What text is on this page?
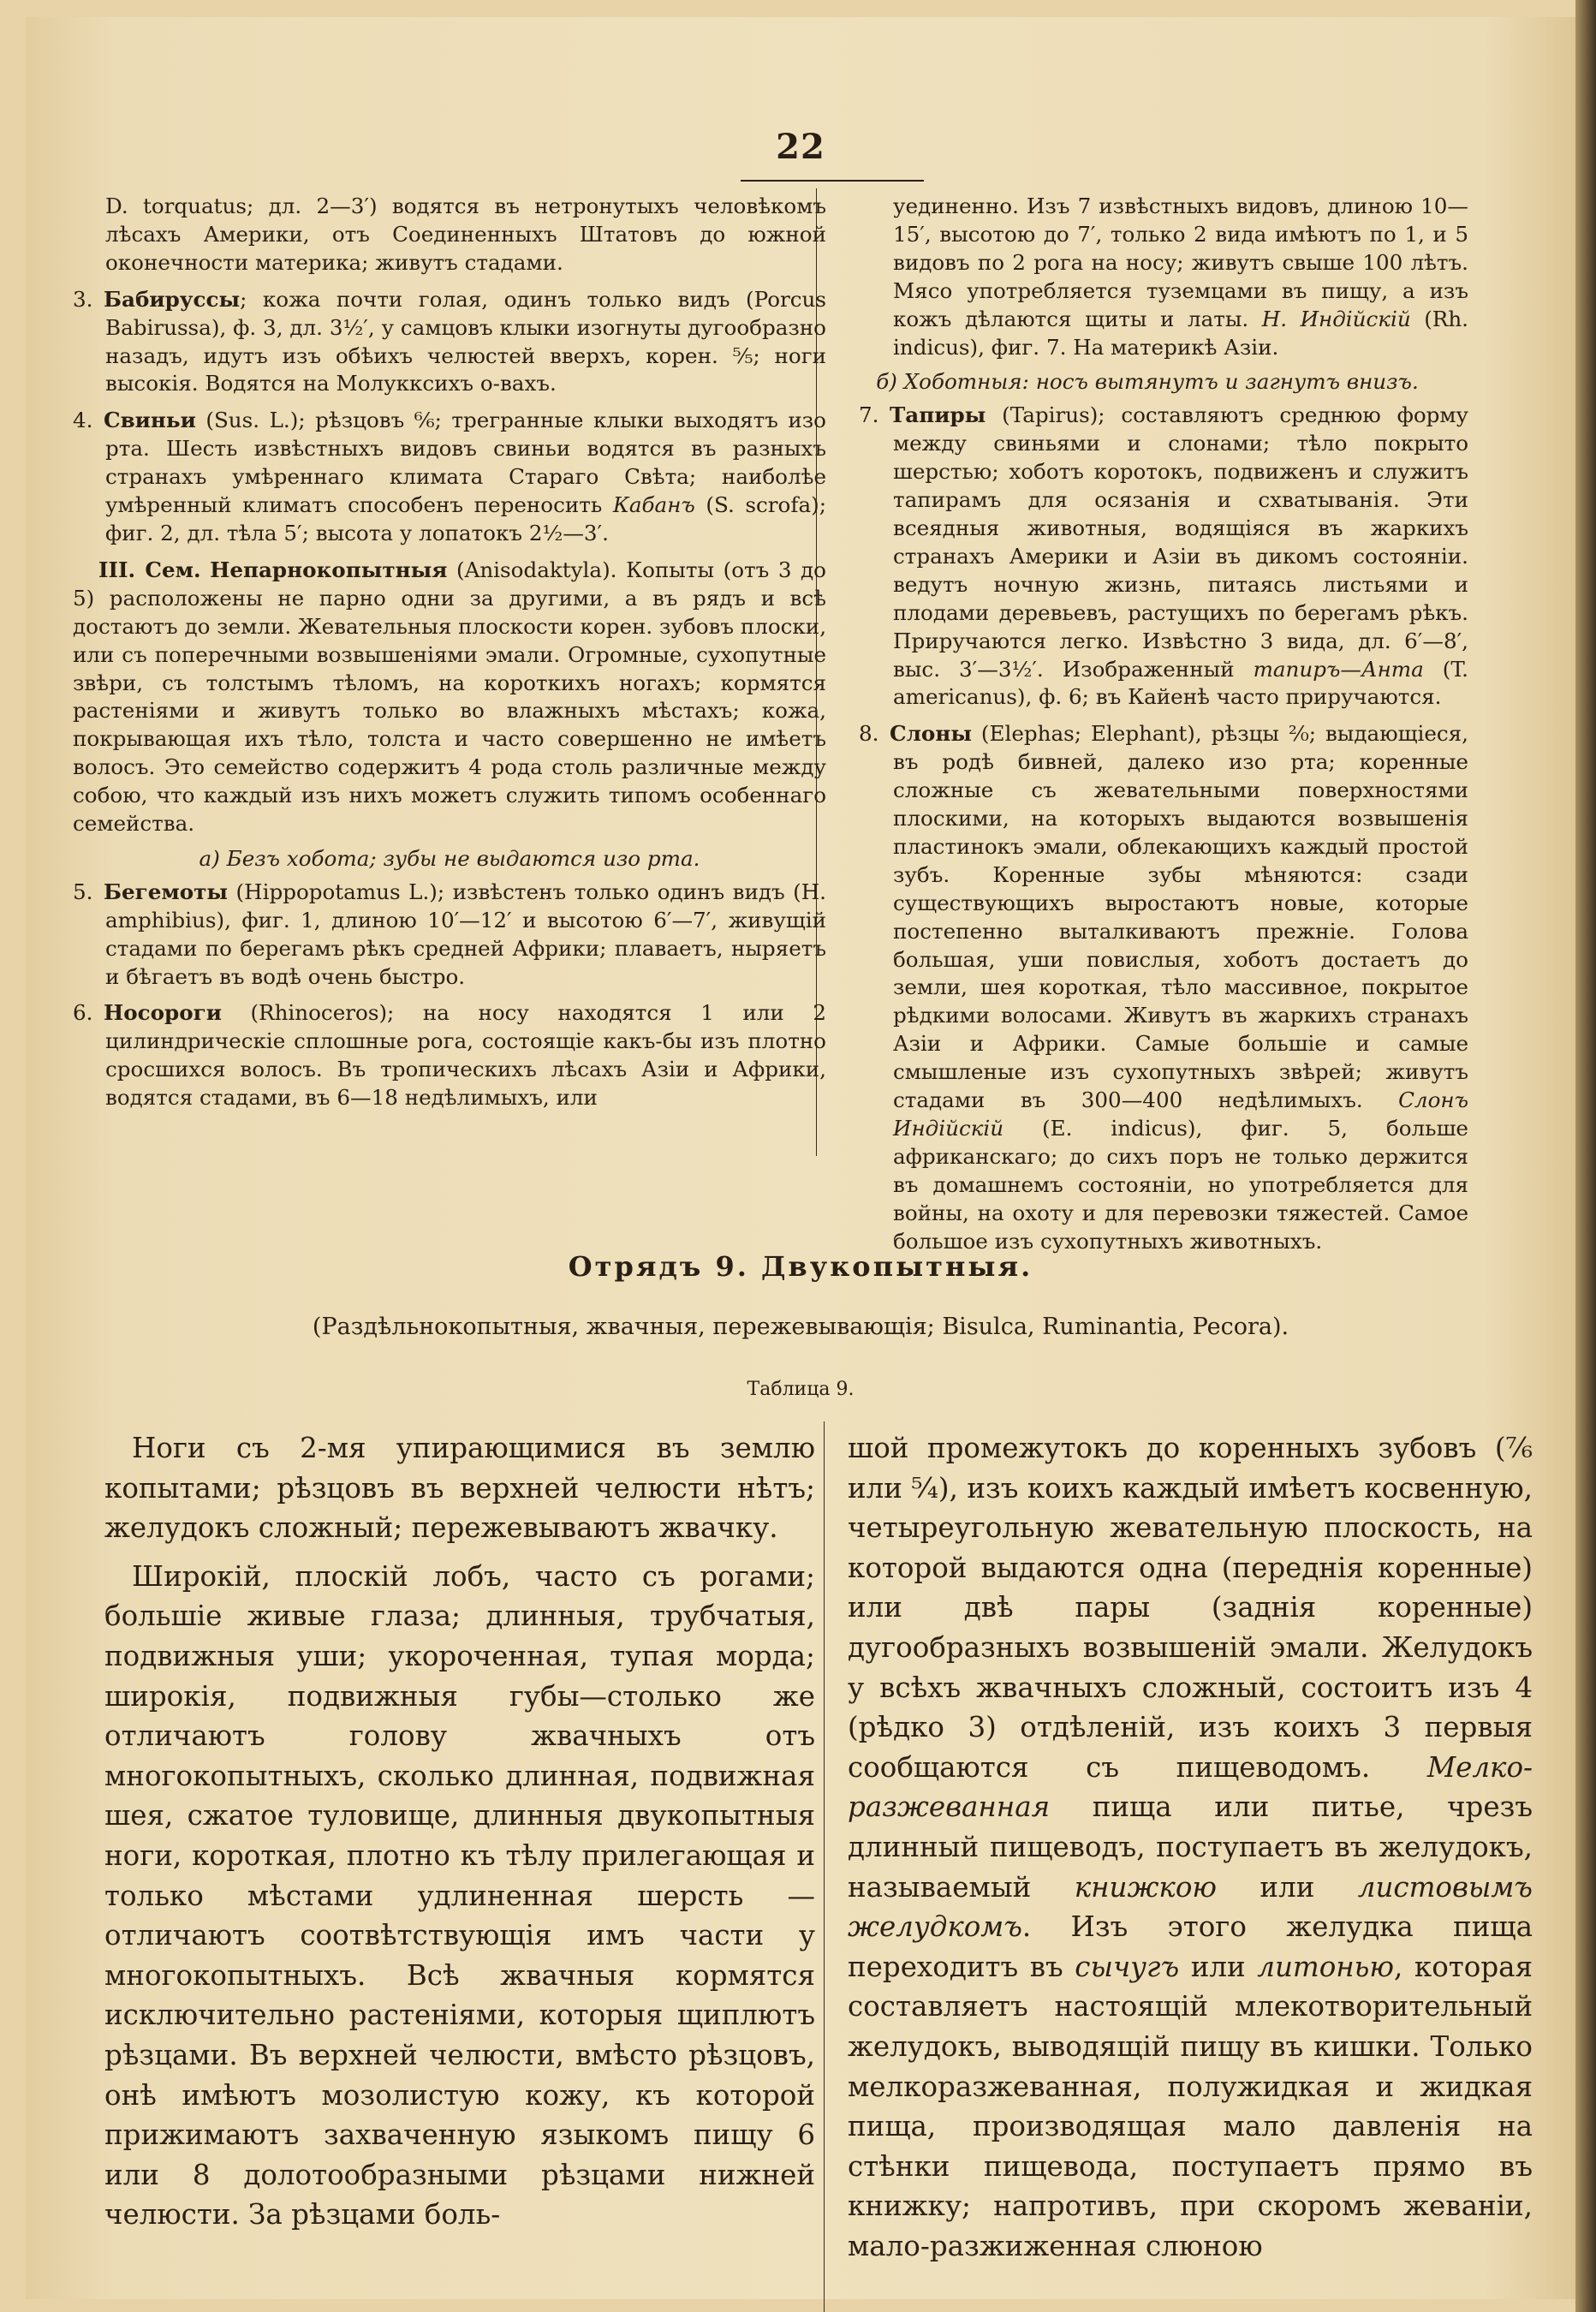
22

D. torquatus; дл. 2—3′) водятся въ нетронутыхъ человѣкомъ лѣсахъ Америки, отъ Соединенныхъ Штатовъ до южной оконечности материка; живутъ стадами.

3. Бабируссы; кожа почти голая, одинъ только видъ (Porcus Babirussa), ф. 3, дл. 3½′, у самцовъ клыки изогнуты дугообразно назадъ, идутъ изъ обѣихъ челюстей вверхъ, корен. ⁵⁄₅; ноги высокія. Водятся на Молукксихъ о-вахъ.

4. Свиньи (Sus. L.); рѣзцовъ ⁶⁄₆; трегранные клыки выходятъ изо рта. Шесть извѣстныхъ видовъ свиньи водятся въ разныхъ странахъ умѣреннаго климата Стараго Свѣта; наиболѣе умѣренный климатъ способенъ переносить Кабанъ (S. scrofa); фиг. 2, дл. тѣла 5′; высота у лопатокъ 2½—3′.

III. Сем. Непарнокопытныя (Anisodaktyla). Копыты (отъ 3 до 5) расположены не парно одни за другими, а въ рядъ и всѣ достаютъ до земли. Жевательныя плоскости корен. зубовъ плоски, или съ поперечными возвышеніями эмали. Огромные, сухопутные звѣри, съ толстымъ тѣломъ, на короткихъ ногахъ; кормятся растеніями и живутъ только во влажныхъ мѣстахъ; кожа, покрывающая ихъ тѣло, толста и часто совершенно не имѣетъ волосъ. Это семейство содержитъ 4 рода столь различные между собою, что каждый изъ нихъ можетъ служить типомъ особеннаго семейства.

а) Безъ хобота; зубы не выдаются изо рта.

5. Бегемоты (Hippopotamus L.); извѣстенъ только одинъ видъ (H. amphibius), фиг. 1, длиною 10′—12′ и высотою 6′—7′, живущій стадами по берегамъ рѣкъ средней Африки; плаваетъ, ныряетъ и бѣгаетъ въ водѣ очень быстро.

6. Носороги (Rhinoceros); на носу находятся 1 или 2 цилиндрическіе сплошные рога, состоящіе какъ-бы изъ плотно сросшихся волосъ. Въ тропическихъ лѣсахъ Азіи и Африки, водятся стадами, въ 6—18 недѣлимыхъ, или

уединенно. Изъ 7 извѣстныхъ видовъ, длиною 10—15′, высотою до 7′, только 2 вида имѣютъ по 1, и 5 видовъ по 2 рога на носу; живутъ свыше 100 лѣтъ. Мясо употребляется туземцами въ пищу, а изъ кожъ дѣлаются щиты и латы. Н. Индійскій (Rh. indicus), фиг. 7. На материкѣ Азіи.

б) Хоботныя: носъ вытянутъ и загнутъ внизъ.

7. Тапиры (Tapirus); составляютъ среднюю форму между свиньями и слонами; тѣло покрыто шерстью; хоботъ коротокъ, подвиженъ и служитъ тапирамъ для осязанія и схватыванія. Эти всеядныя животныя, водящіяся въ жаркихъ странахъ Америки и Азіи въ дикомъ состояніи. ведутъ ночную жизнь, питаясь листьями и плодами деревьевъ, растущихъ по берегамъ рѣкъ. Приручаются легко. Извѣстно 3 вида, дл. 6′—8′, выс. 3′—3½′. Изображенный тапиръ—Анта (T. americanus), ф. 6; въ Кайенѣ часто приручаются.

8. Слоны (Elephas; Elephant), рѣзцы ²⁄₀; выдающіеся, въ родѣ бивней, далеко изо рта; коренные сложные съ жевательными поверхностями плоскими, на которыхъ выдаются возвышенія пластинокъ эмали, облекающихъ каждый простой зубъ. Коренные зубы мѣняются: сзади существующихъ выростаютъ новые, которые постепенно выталкиваютъ прежніе. Голова большая, уши повислыя, хоботъ достаетъ до земли, шея короткая, тѣло массивное, покрытое рѣдкими волосами. Живутъ въ жаркихъ странахъ Азіи и Африки. Самые большіе и самые смышленые изъ сухопутныхъ звѣрей; живутъ стадами въ 300—400 недѣлимыхъ. Слонъ Индійскій (E. indicus), фиг. 5, больше африканскаго; до сихъ поръ не только держится въ домашнемъ состояніи, но употребляется для войны, на охоту и для перевозки тяжестей. Самое большое изъ сухопутныхъ животныхъ.

Отрядъ 9. Двукопытныя.
(Раздѣльнокопытныя, жвачныя, пережевывающія; Bisulca, Ruminantia, Pecora).
Таблица 9.

Ноги съ 2-мя упирающимися въ землю копытами; рѣзцовъ въ верхней челюсти нѣтъ; желудокъ сложный; пережевываютъ жвачку.

Широкій, плоскій лобъ, часто съ рогами; большіе живые глаза; длинныя, трубчатыя, подвижныя уши; укороченная, тупая морда; широкія, подвижныя губы—столько же отличаютъ голову жвачныхъ отъ многокопытныхъ, сколько длинная, подвижная шея, сжатое туловище, длинныя двукопытныя ноги, короткая, плотно къ тѣлу прилегающая и только мѣстами удлиненная шерсть — отличаютъ соотвѣтствующія имъ части у многокопытныхъ. Всѣ жвачныя кормятся исключительно растеніями, которыя щиплютъ рѣзцами. Въ верхней челюсти, вмѣсто рѣзцовъ, онѣ имѣютъ мозолистую кожу, къ которой прижимаютъ захваченную языкомъ пищу 6 или 8 долотообразными рѣзцами нижней челюсти. За рѣзцами боль-

шой промежутокъ до коренныхъ зубовъ (⁷⁄₆ или ⁵⁄₄), изъ коихъ каждый имѣетъ косвенную, четыреугольную жевательную плоскость, на которой выдаются одна (переднія коренные) или двѣ пары (заднія коренные) дугообразныхъ возвышеній эмали. Желудокъ у всѣхъ жвачныхъ сложный, состоитъ изъ 4 (рѣдко 3) отдѣленій, изъ коихъ 3 первыя сообщаются съ пищеводомъ. Мелко-разжеванная пища или питье, чрезъ длинный пищеводъ, поступаетъ въ желудокъ, называемый книжкою или листовымъ желудкомъ. Изъ этого желудка пища переходитъ въ сычугъ или литонью, которая составляетъ настоящій млекотворительный желудокъ, выводящій пищу въ кишки. Только мелкоразжеванная, полужидкая и жидкая пища, производящая мало давленія на стѣнки пищевода, поступаетъ прямо въ книжку; напротивъ, при скоромъ жеваніи, мало-разжиженная слюною
